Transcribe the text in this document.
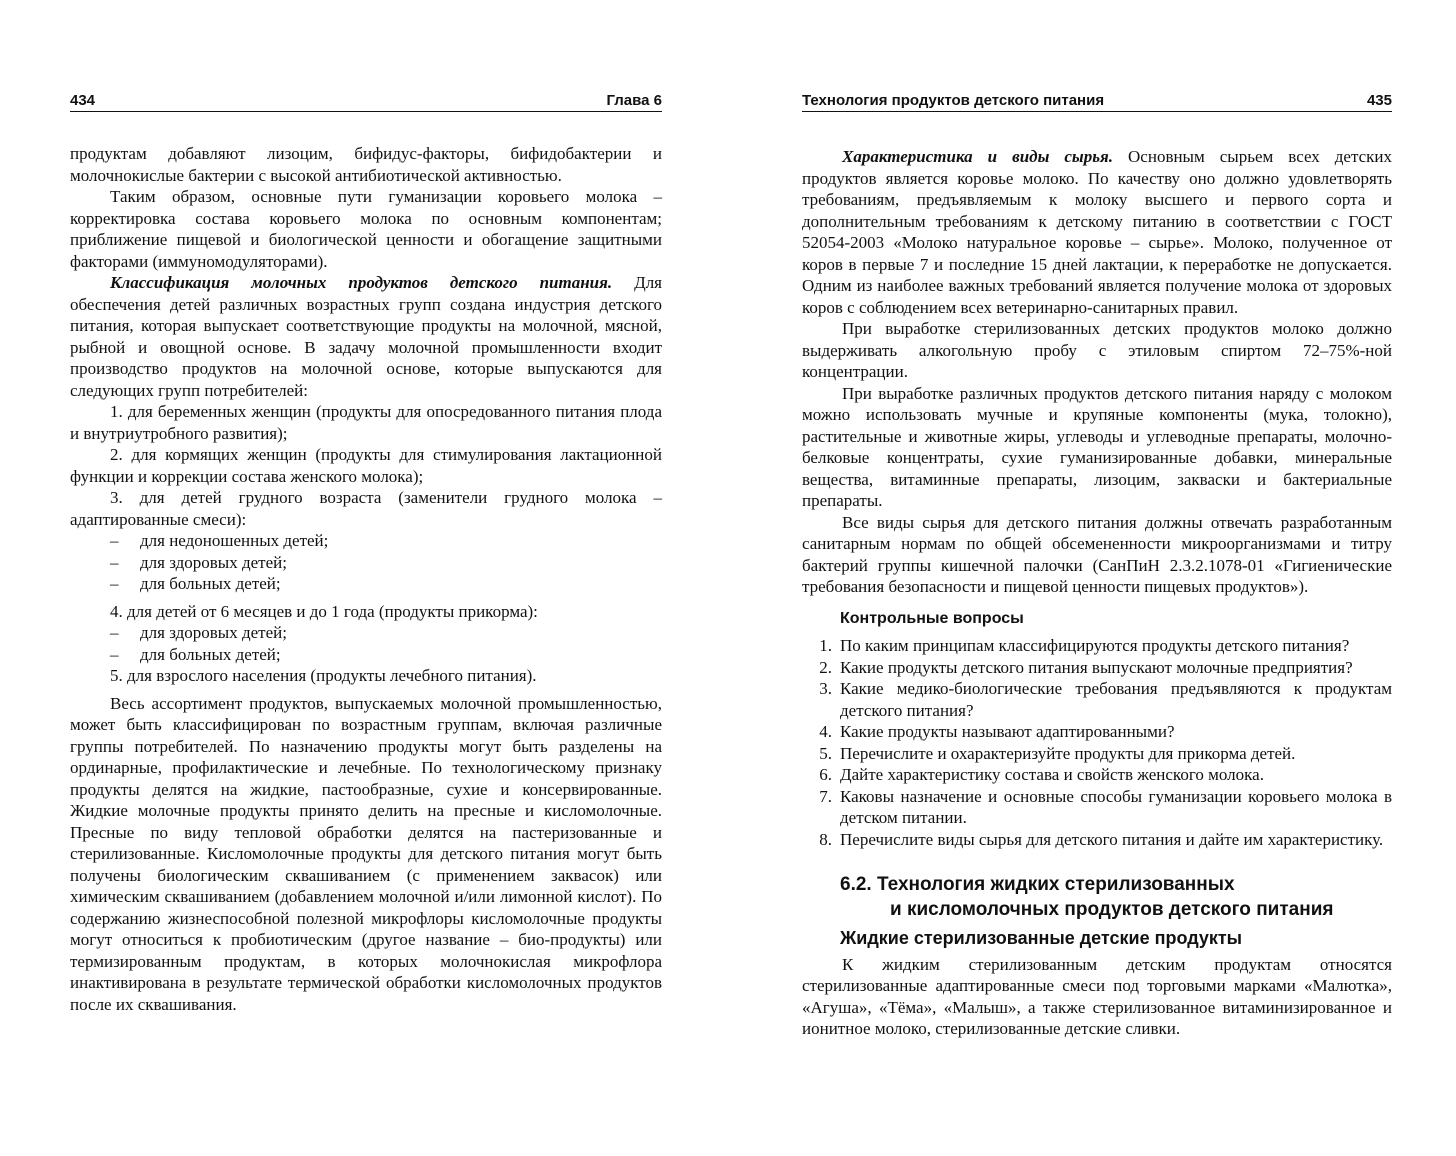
434	Глава 6

продуктам добавляют лизоцим, бифидус-факторы, бифидобактерии и молочнокислые бактерии с высокой антибиотической активностью.

Таким образом, основные пути гуманизации коровьего молока – корректировка состава коровьего молока по основным компонентам; приближение пищевой и биологической ценности и обогащение защитными факторами (иммуномодуляторами).

Классификация молочных продуктов детского питания. Для обеспечения детей различных возрастных групп создана индустрия детского питания, которая выпускает соответствующие продукты на молочной, мясной, рыбной и овощной основе. В задачу молочной промышленности входит производство продуктов на молочной основе, которые выпускаются для следующих групп потребителей:

1. для беременных женщин (продукты для опосредованного питания плода и внутриутробного развития);

2. для кормящих женщин (продукты для стимулирования лактационной функции и коррекции состава женского молока);

3. для детей грудного возраста (заменители грудного молока – адаптированные смеси):

–	для недоношенных детей;
–	для здоровых детей;
–	для больных детей;

4. для детей от 6 месяцев и до 1 года (продукты прикорма):

–	для здоровых детей;
–	для больных детей;

5. для взрослого населения (продукты лечебного питания).

Весь ассортимент продуктов, выпускаемых молочной промышленностью, может быть классифицирован по возрастным группам, включая различные группы потребителей. По назначению продукты могут быть разделены на ординарные, профилактические и лечебные. По технологическому признаку продукты делятся на жидкие, пастообразные, сухие и консервированные. Жидкие молочные продукты принято делить на пресные и кисломолочные. Пресные по виду тепловой обработки делятся на пастеризованные и стерилизованные. Кисломолочные продукты для детского питания могут быть получены биологическим сквашиванием (с применением заквасок) или химическим сквашиванием (добавлением молочной и/или лимонной кислот). По содержанию жизнеспособной полезной микрофлоры кисломолочные продукты могут относиться к пробиотическим (другое название – био-продукты) или термизированным продуктам, в которых молочнокислая микрофлора инактивирована в результате термической обработки кисломолочных продуктов после их сквашивания.

Технология продуктов детского питания	435

Характеристика и виды сырья. Основным сырьем всех детских продуктов является коровье молоко. По качеству оно должно удовлетворять требованиям, предъявляемым к молоку высшего и первого сорта и дополнительным требованиям к детскому питанию в соответствии с ГОСТ 52054-2003 «Молоко натуральное коровье – сырье». Молоко, полученное от коров в первые 7 и последние 15 дней лактации, к переработке не допускается. Одним из наиболее важных требований является получение молока от здоровых коров с соблюдением всех ветеринарно-санитарных правил.

При выработке стерилизованных детских продуктов молоко должно выдерживать алкогольную пробу с этиловым спиртом 72–75%-ной концентрации.

При выработке различных продуктов детского питания наряду с молоком можно использовать мучные и крупяные компоненты (мука, толокно), растительные и животные жиры, углеводы и углеводные препараты, молочно-белковые концентраты, сухие гуманизированные добавки, минеральные вещества, витаминные препараты, лизоцим, закваски и бактериальные препараты.

Все виды сырья для детского питания должны отвечать разработанным санитарным нормам по общей обсемененности микроорганизмами и титру бактерий группы кишечной палочки (СанПиН 2.3.2.1078-01 «Гигиенические требования безопасности и пищевой ценности пищевых продуктов»).

Контрольные вопросы
1. По каким принципам классифицируются продукты детского питания?
2. Какие продукты детского питания выпускают молочные предприятия?
3. Какие медико-биологические требования предъявляются к продуктам детского питания?
4. Какие продукты называют адаптированными?
5. Перечислите и охарактеризуйте продукты для прикорма детей.
6. Дайте характеристику состава и свойств женского молока.
7. Каковы назначение и основные способы гуманизации коровьего молока в детском питании.
8. Перечислите виды сырья для детского питания и дайте им характеристику.
6.2. Технология жидких стерилизованных
и кисломолочных продуктов детского питания
Жидкие стерилизованные детские продукты

К жидким стерилизованным детским продуктам относятся стерилизованные адаптированные смеси под торговыми марками «Малютка», «Агуша», «Тёма», «Малыш», а также стерилизованное витаминизированное и ионитное молоко, стерилизованные детские сливки.
